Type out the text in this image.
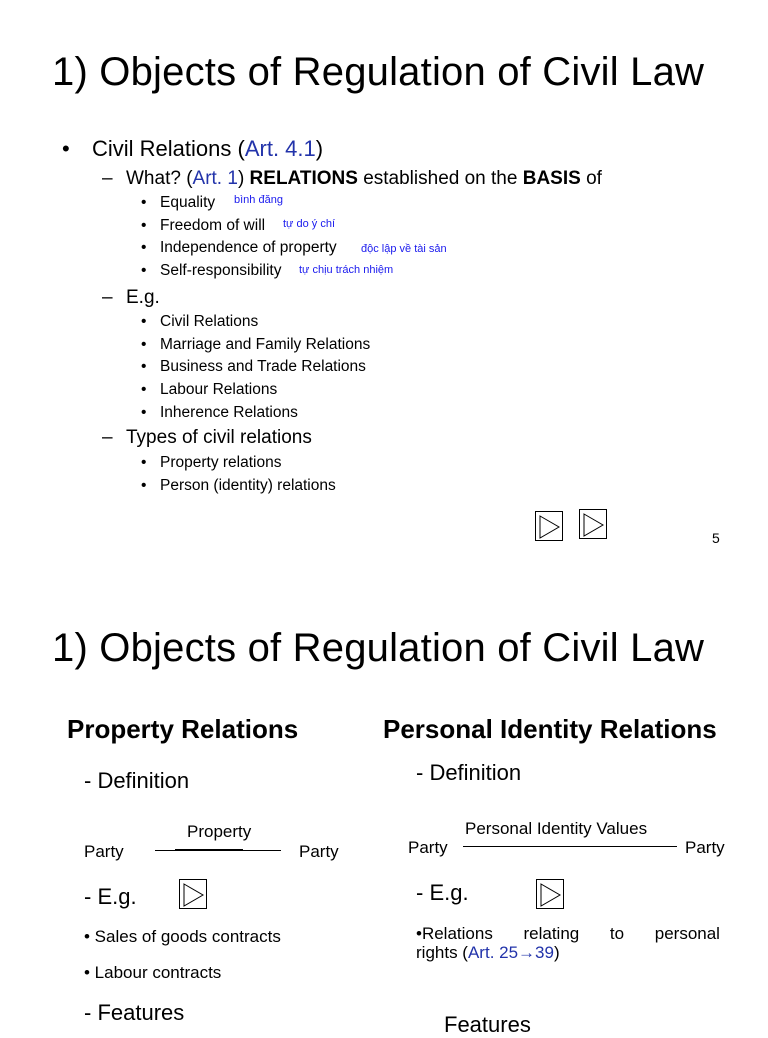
1) Objects of Regulation of Civil Law
• Civil Relations (Art. 4.1)
– What? (Art. 1) RELATIONS established on the BASIS of
• Equality bình đăng
• Freedom of will tự do ý chí
• Independence of property độc lập về tài sản
• Self-responsibility tự chịu trách nhiệm
– E.g.
• Civil Relations
• Marriage and Family Relations
• Business and Trade Relations
• Labour Relations
• Inherence Relations
– Types of civil relations
• Property relations
• Person (identity) relations
5
1) Objects of Regulation of Civil Law
Property Relations
- Definition
Property
Party	Party
- E.g.
• Sales of goods contracts
• Labour contracts
- Features
Personal Identity Relations
- Definition
Personal Identity Values
Party	Party
- E.g.
•Relations relating to personal
rights (Art. 25→39)
Features
